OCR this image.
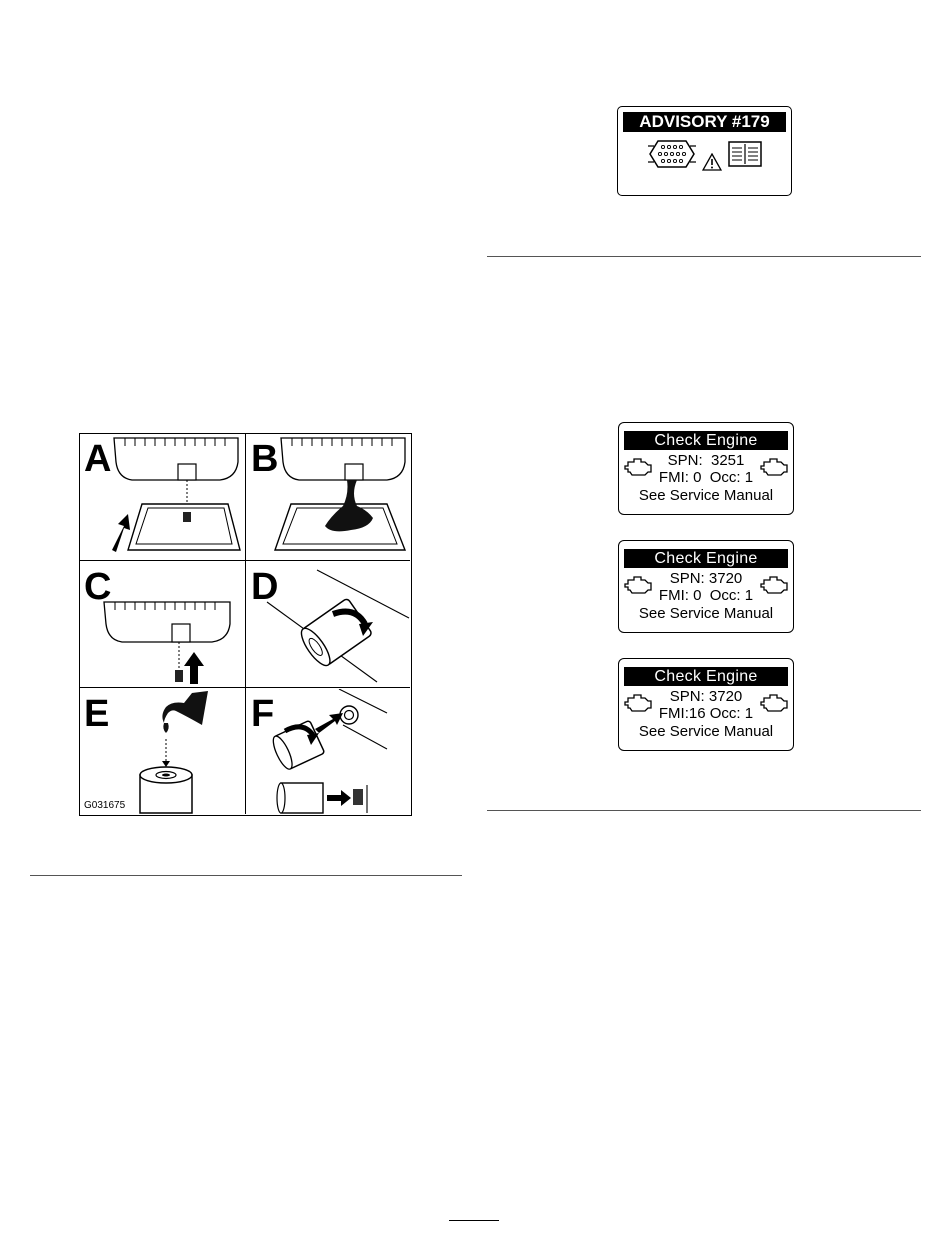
ADVISORY #179
Check Engine
SPN:  3251
FMI: 0  Occ: 1
See Service Manual
Check Engine
SPN: 3720
FMI: 0  Occ: 1
See Service Manual
Check Engine
SPN: 3720
FMI:16 Occ: 1
See Service Manual
A	B
C	D
E
G031675
F
